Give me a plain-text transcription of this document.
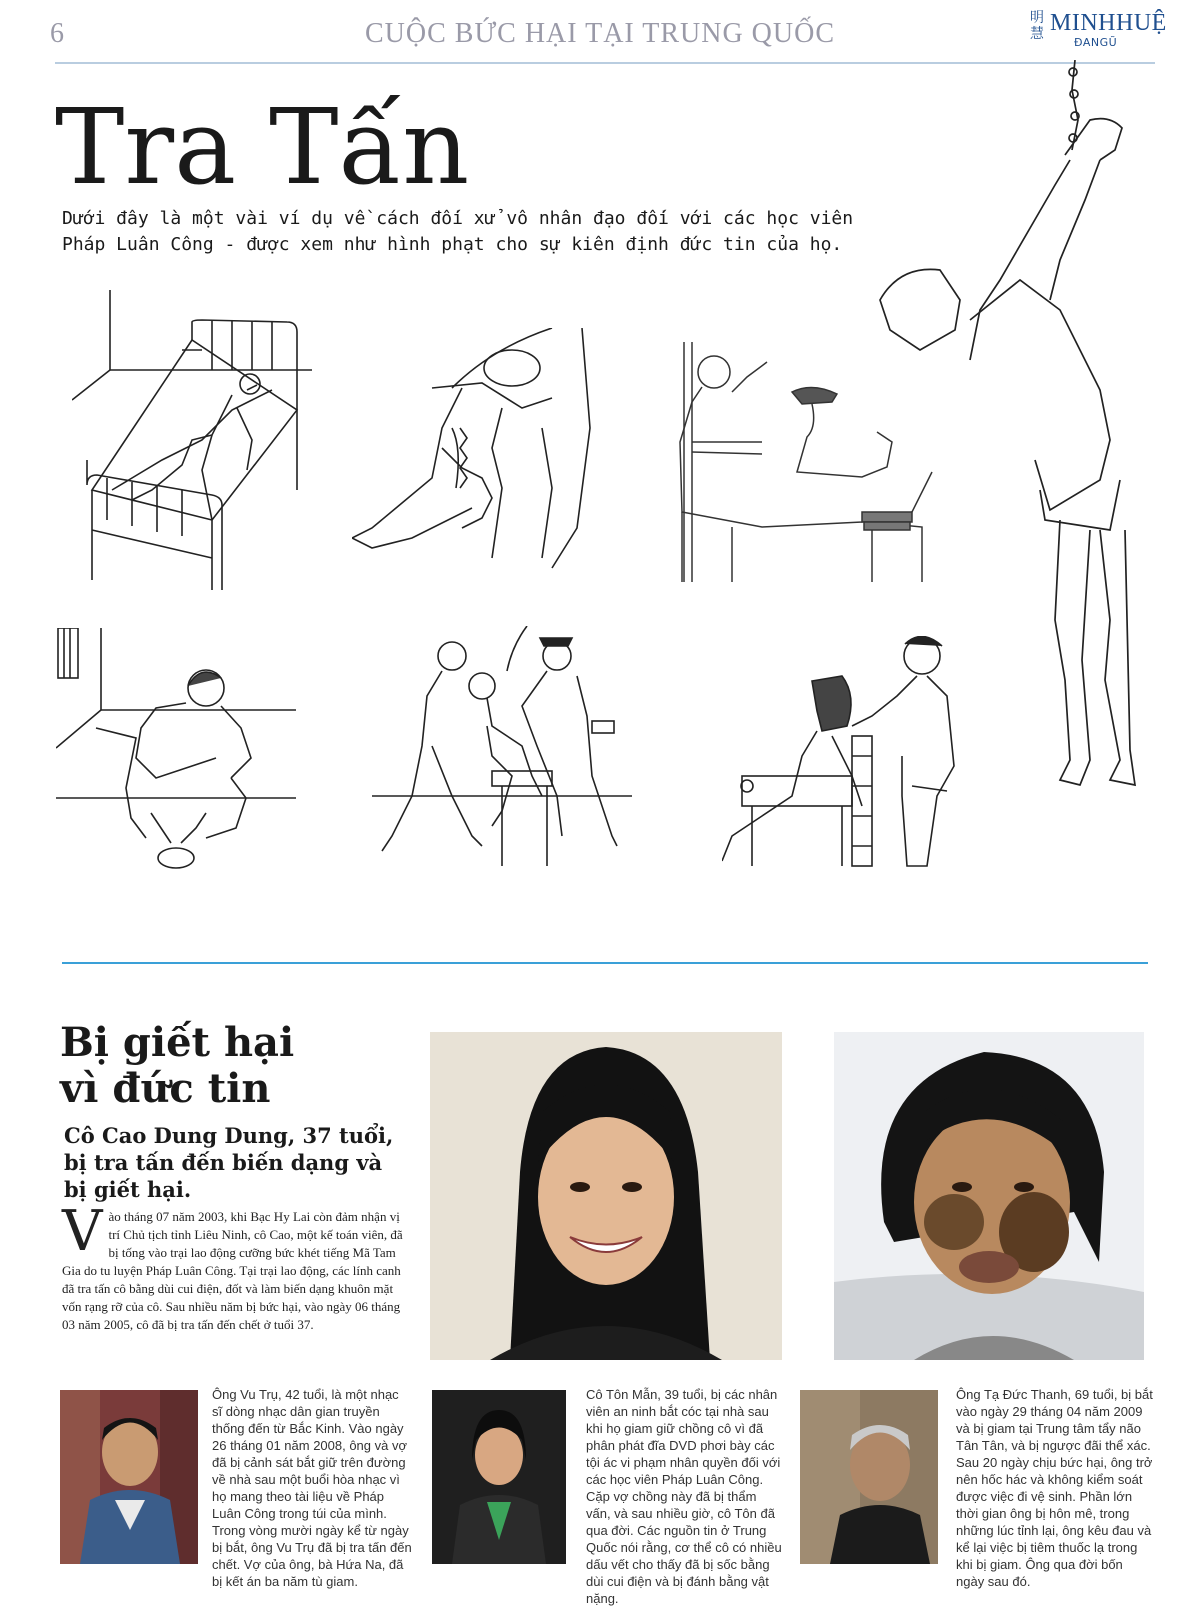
6	CUỘC BỨC HẠI TẠI TRUNG QUỐC	明
慧 MINHHUỆ
ĐANGŨ
Tra Tấn
Dưới đây là một vài ví dụ về cách đối xử vô nhân đạo đối với các học viên
Pháp Luân Công - được xem như hình phạt cho sự kiên định đức tin của họ.
Bị giết hại
vì đức tin
Cô Cao Dung Dung, 37 tuổi,
bị tra tấn đến biến dạng và
bị giết hại.
Vào tháng 07 năm 2003, khi Bạc Hy Lai còn đảm nhận vị trí Chủ tịch tỉnh Liêu Ninh, cô Cao, một kế toán viên, đã bị tống vào trại lao động cưỡng bức khét tiếng Mã Tam Gia do tu luyện Pháp Luân Công. Tại trại lao động, các lính canh đã tra tấn cô bằng dùi cui điện, đốt và làm biến dạng khuôn mặt vốn rạng rỡ của cô. Sau nhiều năm bị bức hại, vào ngày 06 tháng 03 năm 2005, cô đã bị tra tấn đến chết ở tuổi 37.
Ông Vu Trụ, 42 tuổi, là một nhạc sĩ dòng nhạc dân gian truyền thống đến từ Bắc Kinh. Vào ngày 26 tháng 01 năm 2008, ông và vợ đã bị cảnh sát bắt giữ trên đường về nhà sau một buổi hòa nhạc vì họ mang theo tài liệu về Pháp Luân Công trong túi của mình. Trong vòng mười ngày kể từ ngày bị bắt, ông Vu Trụ đã bị tra tấn đến chết. Vợ của ông, bà Hứa Na, đã bị kết án ba năm tù giam.
Cô Tôn Mẫn, 39 tuổi, bị các nhân viên an ninh bắt cóc tại nhà sau khi họ giam giữ chồng cô vì đã phân phát đĩa DVD phơi bày các tội ác vi phạm nhân quyền đối với các học viên Pháp Luân Công. Cặp vợ chồng này đã bị thẩm vấn, và sau nhiều giờ, cô Tôn đã qua đời. Các nguồn tin ở Trung Quốc nói rằng, cơ thể cô có nhiều dấu vết cho thấy đã bị sốc bằng dùi cui điện và bị đánh bằng vật nặng.
Ông Tạ Đức Thanh, 69 tuổi, bị bắt vào ngày 29 tháng 04 năm 2009 và bị giam tại Trung tâm tẩy não Tân Tân, và bị ngược đãi thể xác. Sau 20 ngày chịu bức hại, ông trở nên hốc hác và không kiểm soát được việc đi vệ sinh. Phần lớn thời gian ông bị hôn mê, trong những lúc tỉnh lại, ông kêu đau và kể lại việc bị tiêm thuốc lạ trong khi bị giam. Ông qua đời bốn ngày sau đó.
